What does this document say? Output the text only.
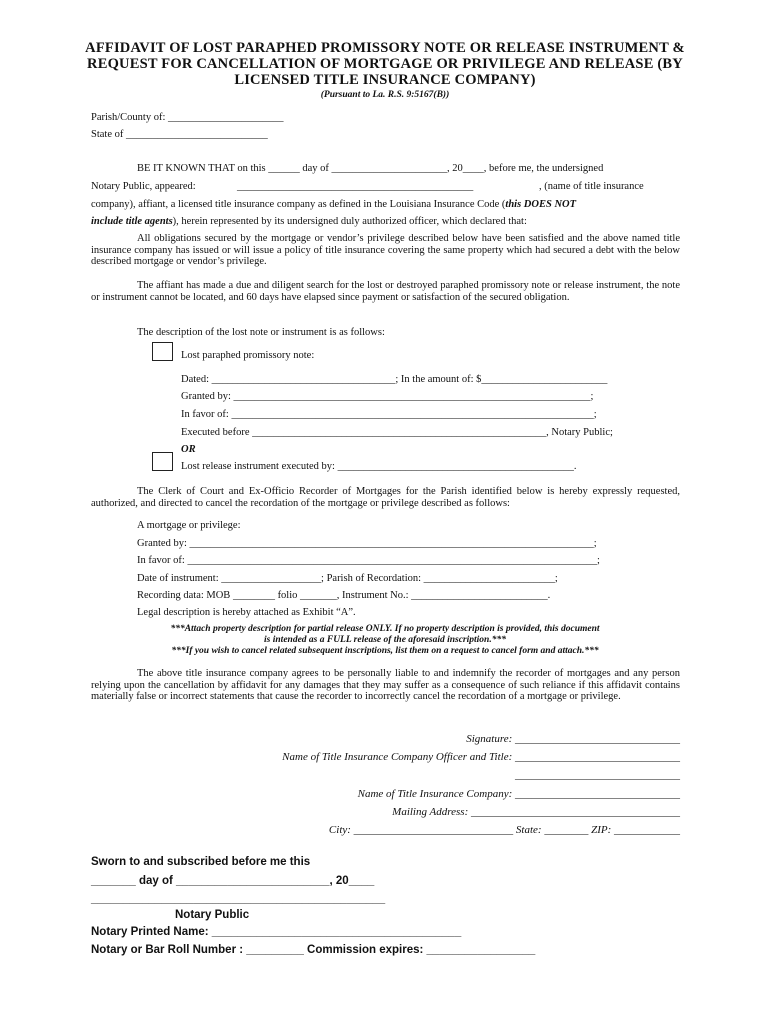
AFFIDAVIT OF LOST PARAPHED PROMISSORY NOTE OR RELEASE INSTRUMENT &
REQUEST FOR CANCELLATION OF MORTGAGE OR PRIVILEGE AND RELEASE (BY
LICENSED TITLE INSURANCE COMPANY)
(Pursuant to La. R.S. 9:5167(B))
Parish/County of: ______________________
State of ___________________________
BE IT KNOWN THAT on this ______ day of ______________________, 20____, before me, the undersigned
Notary Public, appeared:	_____________________________________________	, (name of title insurance
company), affiant, a licensed title insurance company as defined in the Louisiana Insurance Code (this DOES NOT
include title agents), herein represented by its undersigned duly authorized officer, which declared that:
All obligations secured by the mortgage or vendor’s privilege described below have been satisfied and the above named title insurance company has issued or will issue a policy of title insurance covering the same property which had secured a debt with the below described mortgage or vendor’s privilege.
The affiant has made a due and diligent search for the lost or destroyed paraphed promissory note or release instrument, the note or instrument cannot be located, and 60 days have elapsed since payment or satisfaction of the secured obligation.
The description of the lost note or instrument is as follows:
Lost paraphed promissory note:
Dated: ___________________________________; In the amount of: $________________________
Granted by: ____________________________________________________________________;
In favor of: _____________________________________________________________________;
Executed before ________________________________________________________, Notary Public;
OR
Lost release instrument executed by: _____________________________________________.
The Clerk of Court and Ex-Officio Recorder of Mortgages for the Parish identified below is hereby expressly requested, authorized, and directed to cancel the recordation of the mortgage or privilege described as follows:
A mortgage or privilege:
Granted by: _____________________________________________________________________________;
In favor of: ______________________________________________________________________________;
Date of instrument: ___________________; Parish of Recordation: _________________________;
Recording data: MOB ________ folio _______, Instrument No.: __________________________.
Legal description is hereby attached as Exhibit “A”.
***Attach property description for partial release ONLY. If no property description is provided, this document
is intended as a FULL release of the aforesaid inscription.***
***If you wish to cancel related subsequent inscriptions, list them on a request to cancel form and attach.***
The above title insurance company agrees to be personally liable to and indemnify the recorder of mortgages and any person relying upon the cancellation by affidavit for any damages that they may suffer as a consequence of such reliance if this affidavit contains materially false or incorrect statements that cause the recorder to incorrectly cancel the recordation of a mortgage or privilege.
Signature: ______________________________
Name of Title Insurance Company Officer and Title: ______________________________
______________________________
Name of Title Insurance Company: ______________________________
Mailing Address: ______________________________________
City: _____________________________ State: ________ ZIP: ____________
Sworn to and subscribed before me this
_______ day of ________________________, 20____
______________________________________________
Notary Public
Notary Printed Name: _______________________________________
Notary or Bar Roll Number : _________ Commission expires: _________________
